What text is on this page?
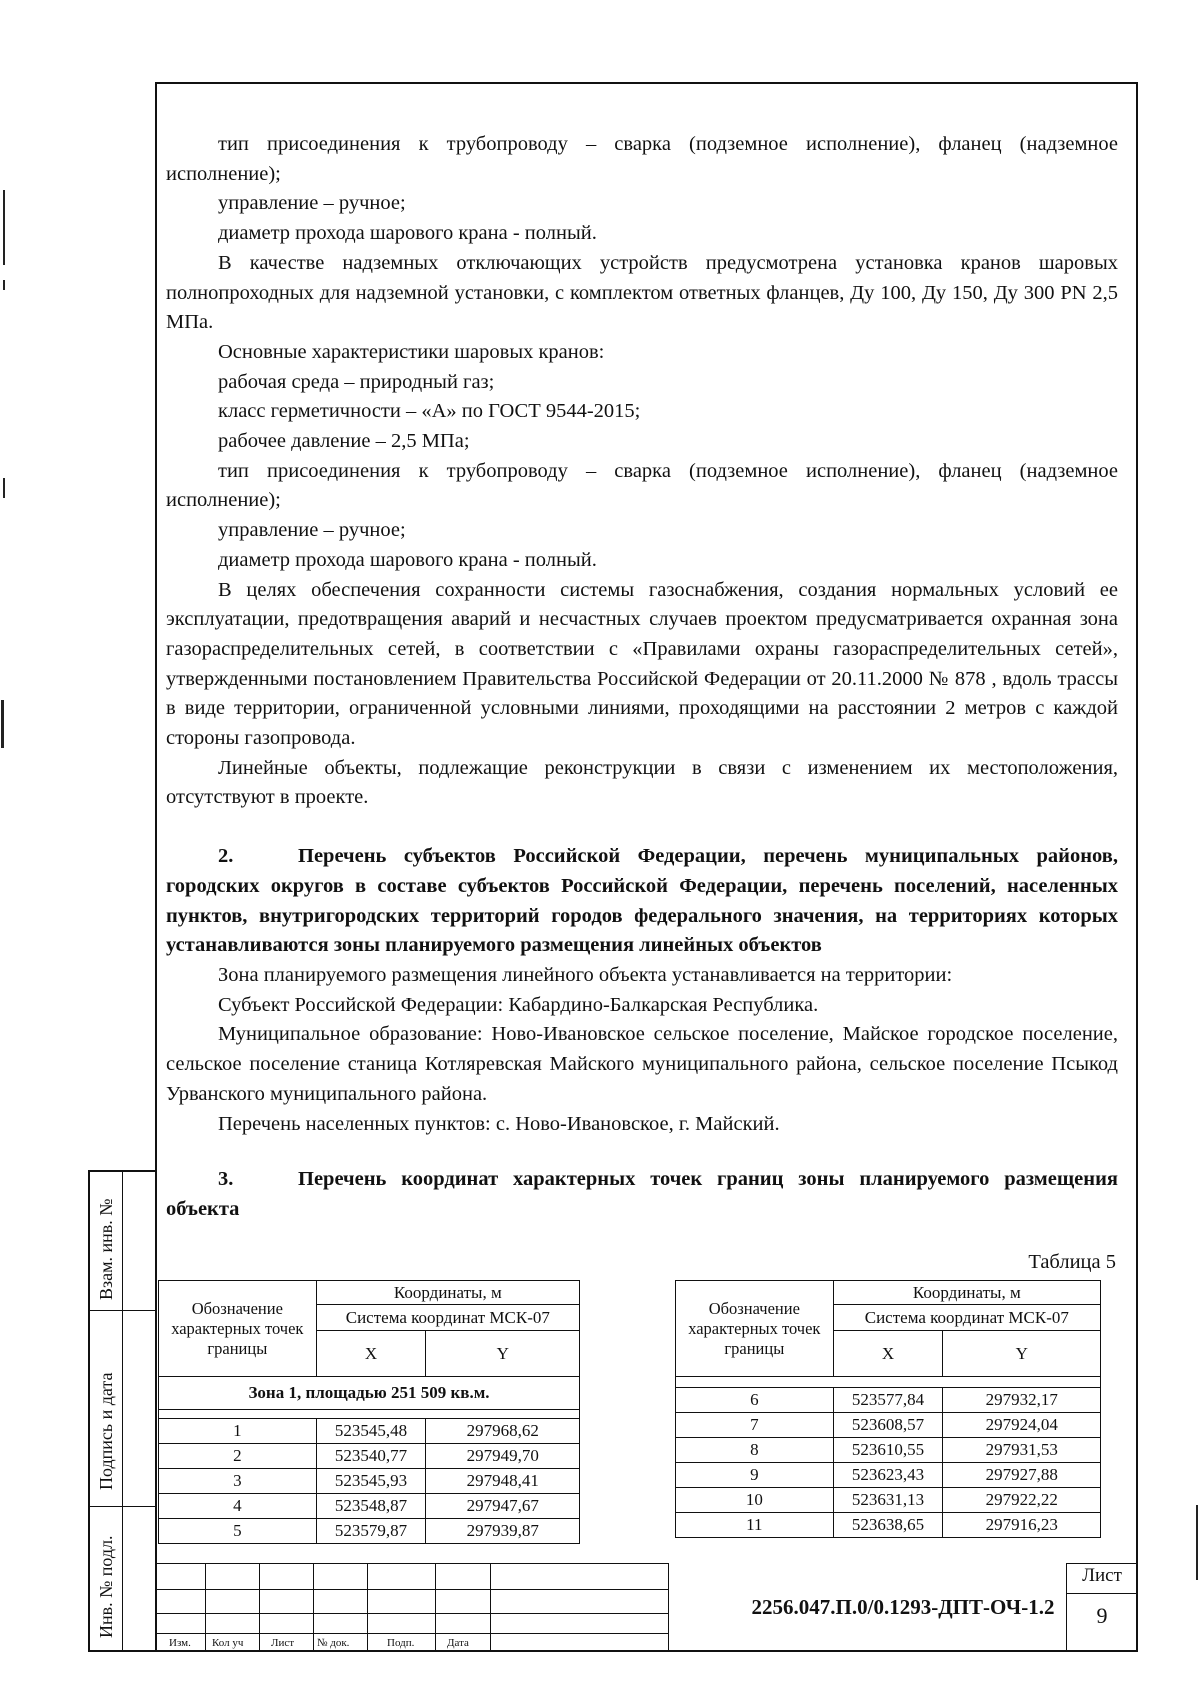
тип присоединения к трубопроводу – сварка (подземное исполнение), фланец (надземное исполнение);

управление – ручное;

диаметр прохода шарового крана - полный.

В качестве надземных отключающих устройств предусмотрена установка кранов шаровых полнопроходных для надземной установки, с комплектом ответных фланцев, Ду 100, Ду 150, Ду 300 PN 2,5 МПа.

Основные характеристики шаровых кранов:

рабочая среда – природный газ;

класс герметичности – «А» по ГОСТ 9544-2015;

рабочее давление – 2,5 МПа;

тип присоединения к трубопроводу – сварка (подземное исполнение), фланец (надземное исполнение);

управление – ручное;

диаметр прохода шарового крана - полный.

В целях обеспечения сохранности системы газоснабжения, создания нормальных условий ее эксплуатации, предотвращения аварий и несчастных случаев проектом предусматривается охранная зона газораспределительных сетей, в соответствии с «Правилами охраны газораспределительных сетей», утвержденными постановлением Правительства Российской Федерации от 20.11.2000 № 878 , вдоль трассы в виде территории, ограниченной условными линиями, проходящими на расстоянии 2 метров с каждой стороны газопровода.

Линейные объекты, подлежащие реконструкции в связи с изменением их местоположения, отсутствуют в проекте.

2.	Перечень субъектов Российской Федерации, перечень муниципальных районов, городских округов в составе субъектов Российской Федерации, перечень поселений, населенных пунктов, внутригородских территорий городов федерального значения, на территориях которых устанавливаются зоны планируемого размещения линейных объектов

Зона планируемого размещения линейного объекта устанавливается на территории:

Субъект Российской Федерации: Кабардино-Балкарская Республика.

Муниципальное образование: Ново-Ивановское сельское поселение, Майское городское поселение, сельское поселение станица Котляревская Майского муниципального района, сельское поселение Псыкод Урванского муниципального района.

Перечень населенных пунктов: с. Ново-Ивановское, г. Майский.

3.	Перечень координат характерных точек границ зоны планируемого размещения объекта

Таблица 5
Обозначение характерных точек границы	Координаты, м	
	Система координат МСК-07	
	X	Y
Зона 1, площадью 251 509 кв.м.		

1	523545,48	297968,62
2	523540,77	297949,70
3	523545,93	297948,41
4	523548,87	297947,67
5	523579,87	297939,87
Обозначение характерных точек границы	Координаты, м	
	Система координат МСК-07	
	X	Y

6	523577,84	297932,17
7	523608,57	297924,04
8	523610,55	297931,53
9	523623,43	297927,88
10	523631,13	297922,22
11	523638,65	297916,23
Взам. инв. №
Подпись и дата
Инв. № подл.
Изм. Кол уч	Лист № док.	Подп.	Дата
2256.047.П.0/0.1293-ДПТ-ОЧ-1.2
Лист
9
